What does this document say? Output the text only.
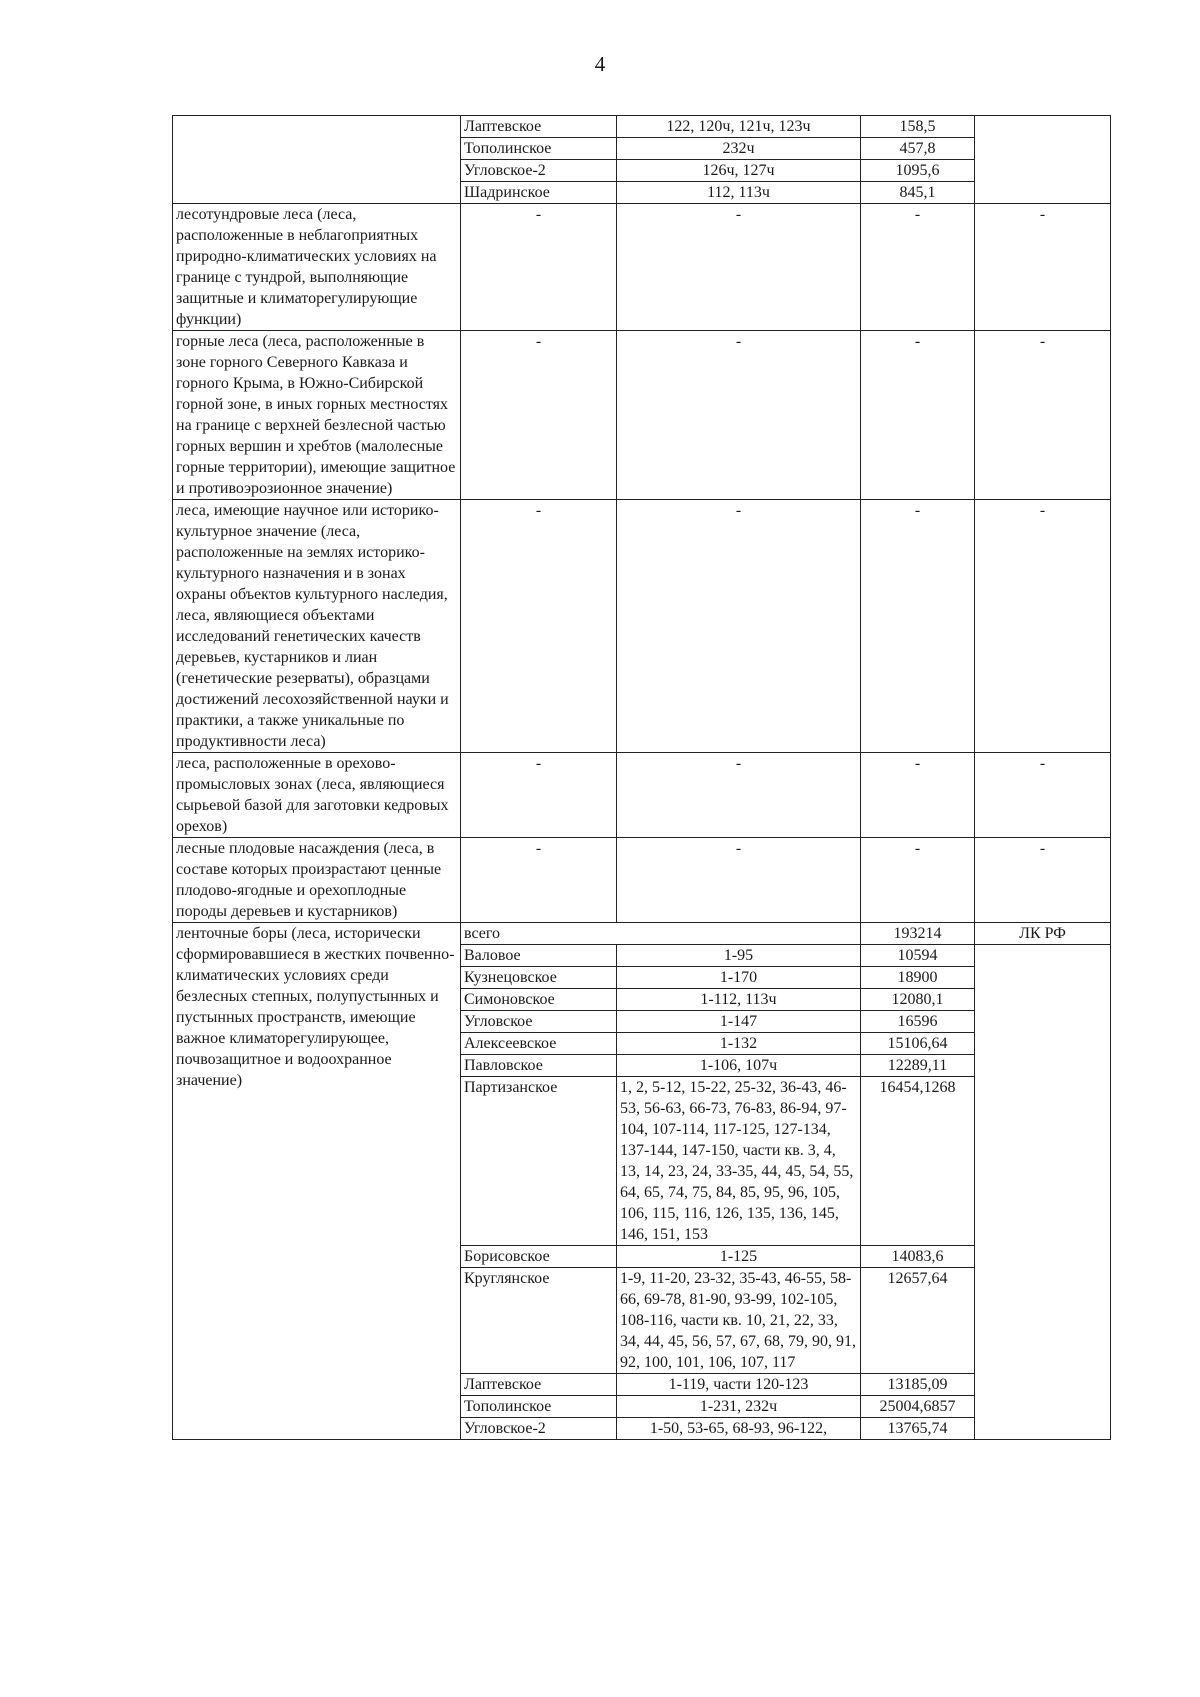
4
	Лаптевское	122, 120ч, 121ч, 123ч	158,5	
	Тополинское	232ч	457,8	
	Угловское-2	126ч, 127ч	1095,6	
	Шадринское	112, 113ч	845,1	
лесотундровые леса (леса, расположенные в неблагоприятных природно-климатических условиях на границе с тундрой, выполняющие защитные и климаторегулирующие функции)	-	-	-	-
горные леса (леса, расположенные в зоне горного Северного Кавказа и горного Крыма, в Южно-Сибирской горной зоне, в иных горных местностях на границе с верхней безлесной частью горных вершин и хребтов (малолесные горные территории), имеющие защитное и противоэрозионное значение)	-	-	-	-
леса, имеющие научное или историко-культурное значение (леса, расположенные на землях историко-культурного назначения и в зонах охраны объектов культурного наследия, леса, являющиеся объектами исследований генетических качеств деревьев, кустарников и лиан (генетические резерваты), образцами достижений лесохозяйственной науки и практики, а также уникальные по продуктивности леса)	-	-	-	-
леса, расположенные в орехово-промысловых зонах (леса, являющиеся сырьевой базой для заготовки кедровых орехов)	-	-	-	-
лесные плодовые насаждения (леса, в составе которых произрастают ценные плодово-ягодные и орехоплодные породы деревьев и кустарников)	-	-	-	-
ленточные боры (леса, исторически сформировавшиеся в жестких почвенно-климатических условиях среди безлесных степных, полупустынных и пустынных пространств, имеющие важное климаторегулирующее, почвозащитное и водоохранное значение)	всего		193214	ЛК РФ
	Валовое	1-95	10594	
	Кузнецовское	1-170	18900	
	Симоновское	1-112, 113ч	12080,1	
	Угловское	1-147	16596	
	Алексеевское	1-132	15106,64	
	Павловское	1-106, 107ч	12289,11	
	Партизанское	1, 2, 5-12, 15-22, 25-32, 36-43, 46-53, 56-63, 66-73, 76-83, 86-94, 97-104, 107-114, 117-125, 127-134, 137-144, 147-150, части кв. 3, 4, 13, 14, 23, 24, 33-35, 44, 45, 54, 55, 64, 65, 74, 75, 84, 85, 95, 96, 105, 106, 115, 116, 126, 135, 136, 145, 146, 151, 153	16454,1268	
	Борисовское	1-125	14083,6	
	Круглянское	1-9, 11-20, 23-32, 35-43, 46-55, 58-66, 69-78, 81-90, 93-99, 102-105, 108-116, части кв. 10, 21, 22, 33, 34, 44, 45, 56, 57, 67, 68, 79, 90, 91, 92, 100, 101, 106, 107, 117	12657,64	
	Лаптевское	1-119, части 120-123	13185,09	
	Тополинское	1-231, 232ч	25004,6857	
	Угловское-2	1-50, 53-65, 68-93, 96-122,	13765,74	
